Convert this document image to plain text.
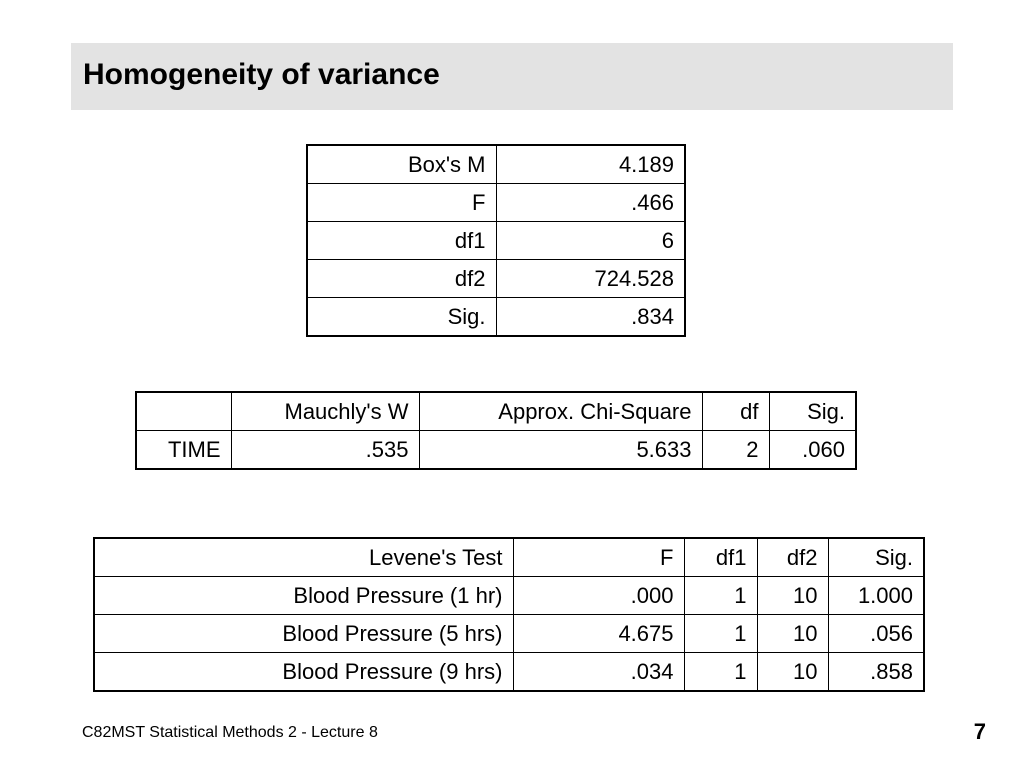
Homogeneity of variance
Box's M	4.189
F	.466
df1	6
df2	724.528
Sig.	.834
	Mauchly's W	Approx. Chi-Square	df	Sig.
TIME	.535	5.633	2	.060
Levene's Test	F	df1	df2	Sig.
Blood Pressure (1 hr)	.000	1	10	1.000
Blood Pressure (5 hrs)	4.675	1	10	.056
Blood Pressure (9 hrs)	.034	1	10	.858
C82MST Statistical Methods 2 - Lecture 8	7
